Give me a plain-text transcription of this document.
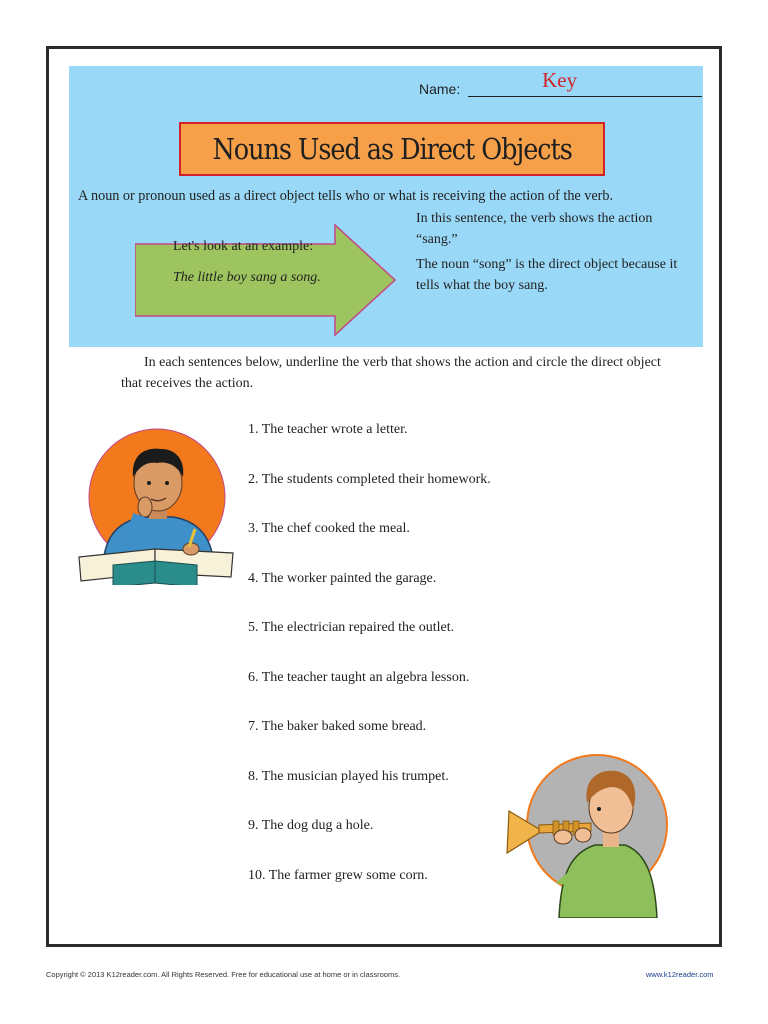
Name:	Key
Nouns Used as Direct Objects
A noun or pronoun used as a direct object tells who or what is receiving the action of the verb.
Let's look at an example:
The little boy sang a song.
In this sentence, the verb shows the action “sang.”
The noun “song” is the direct object because it tells what the boy sang.
In each sentences below, underline the verb that shows the action and circle the direct object that receives the action.
1. The teacher wrote a letter.
2. The students completed their homework.
3. The chef cooked the meal.
4. The worker painted the garage.
5. The electrician repaired the outlet.
6. The teacher taught an algebra lesson.
7. The baker baked some bread.
8. The musician played his trumpet.
9. The dog dug a hole.
10. The farmer grew some corn.
Copyright © 2013 K12reader.com. All Rights Reserved. Free for educational use at home or in classrooms.	www.k12reader.com
